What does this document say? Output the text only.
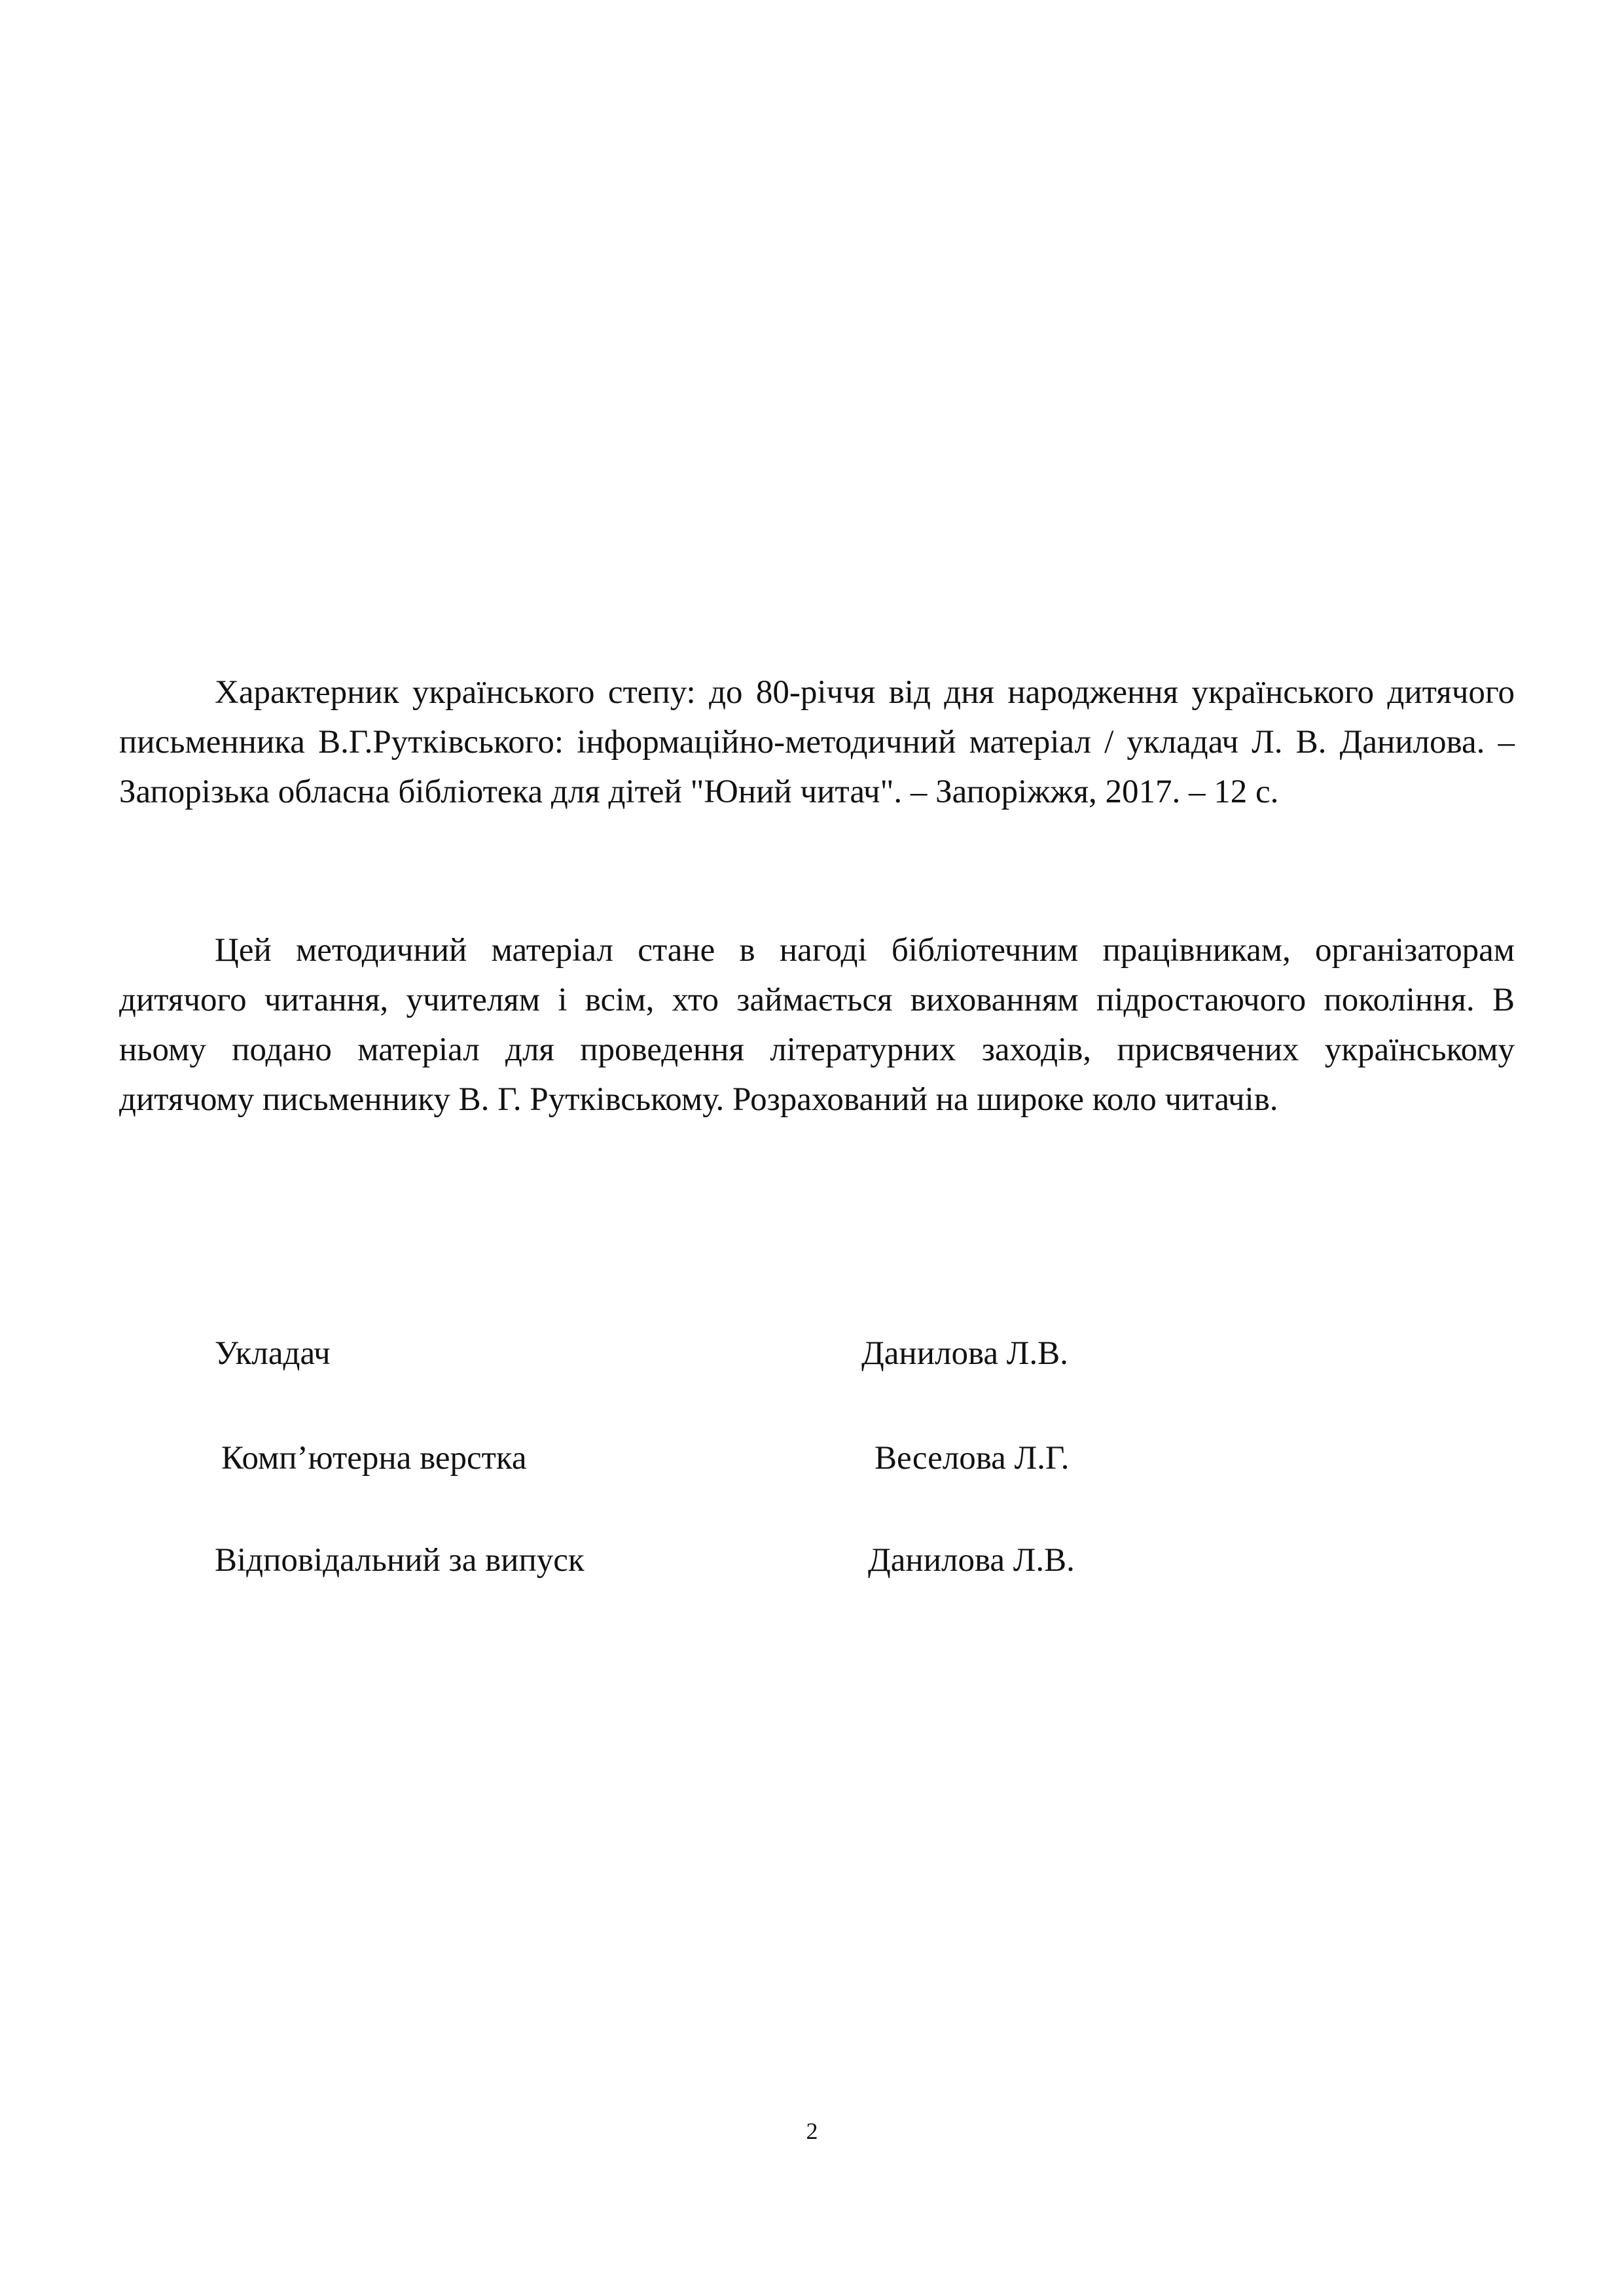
Характерник українського степу: до 80-річчя від дня народження українського дитячого письменника В.Г.Рутківського: інформаційно-методичний матеріал / укладач Л. В. Данилова. – Запорізька обласна бібліотека для дітей "Юний читач". – Запоріжжя, 2017. – 12 с.

Цей методичний матеріал стане в нагоді бібліотечним працівникам, організаторам дитячого читання, учителям і всім, хто займається вихованням підростаючого покоління. В ньому подано матеріал для проведення літературних заходів, присвячених українському дитячому письменнику В. Г. Рутківському. Розрахований на широке коло читачів.

Укладач	Данилова Л.В.
Комп’ютерна верстка	Веселова Л.Г.
Відповідальний за випуск	Данилова Л.В.
2
